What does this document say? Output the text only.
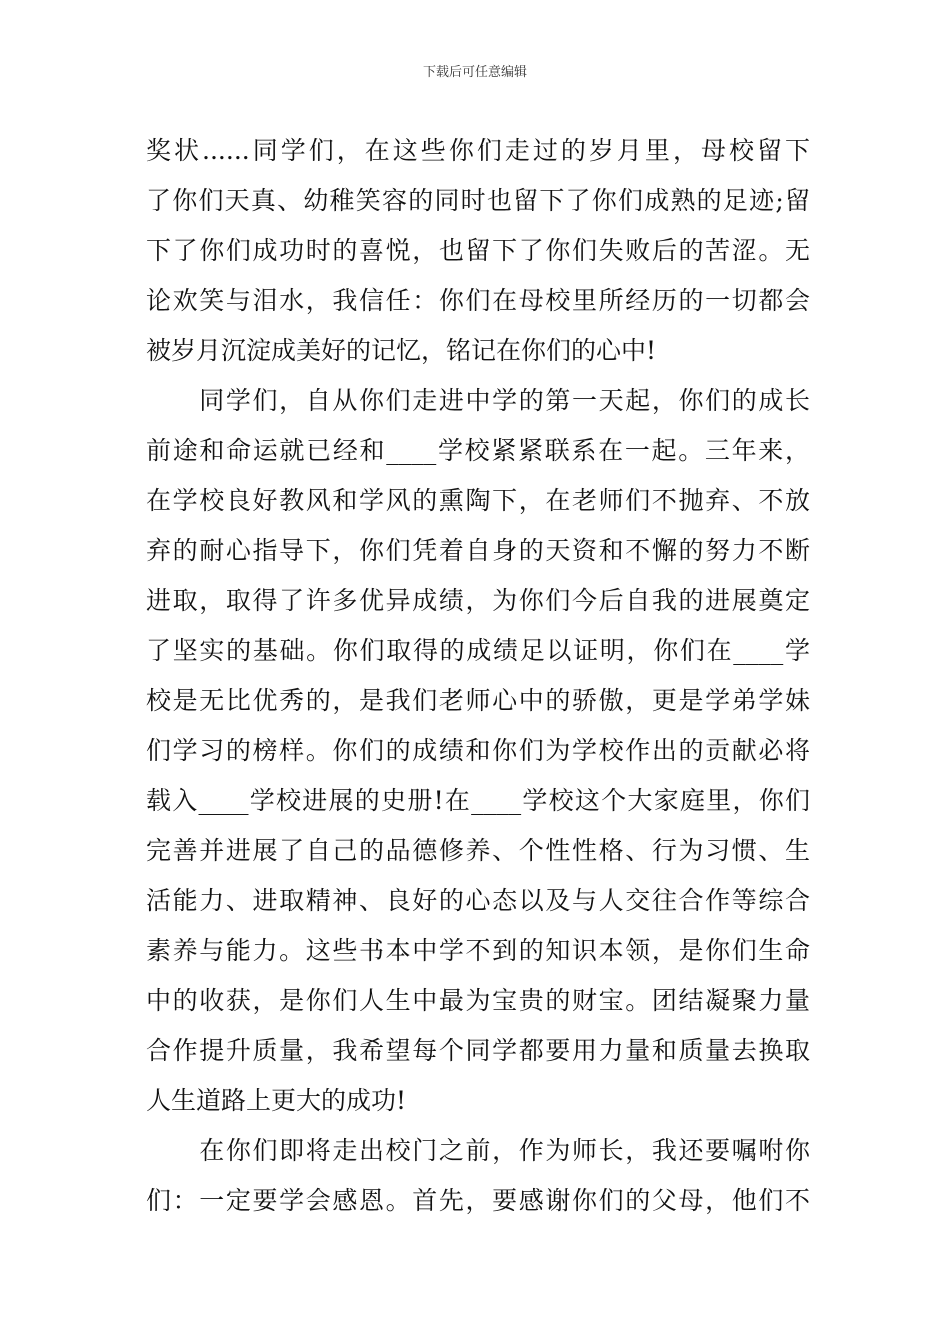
下载后可任意编辑
奖状......同学们，在这些你们走过的岁月里，母校留下
了你们天真、幼稚笑容的同时也留下了你们成熟的足迹;留
下了你们成功时的喜悦，也留下了你们失败后的苦涩。无
论欢笑与泪水，我信任：你们在母校里所经历的一切都会
被岁月沉淀成美好的记忆，铭记在你们的心中!
　　同学们，自从你们走进中学的第一天起，你们的成长
前途和命运就已经和____学校紧紧联系在一起。三年来，
在学校良好教风和学风的熏陶下，在老师们不抛弃、不放
弃的耐心指导下，你们凭着自身的天资和不懈的努力不断
进取，取得了许多优异成绩，为你们今后自我的进展奠定
了坚实的基础。你们取得的成绩足以证明，你们在____学
校是无比优秀的，是我们老师心中的骄傲，更是学弟学妹
们学习的榜样。你们的成绩和你们为学校作出的贡献必将
载入____学校进展的史册!在____学校这个大家庭里，你们
完善并进展了自己的品德修养、个性性格、行为习惯、生
活能力、进取精神、良好的心态以及与人交往合作等综合
素养与能力。这些书本中学不到的知识本领，是你们生命
中的收获，是你们人生中最为宝贵的财宝。团结凝聚力量
合作提升质量，我希望每个同学都要用力量和质量去换取
人生道路上更大的成功!
　　在你们即将走出校门之前，作为师长，我还要嘱咐你
们：一定要学会感恩。首先，要感谢你们的父母，他们不
